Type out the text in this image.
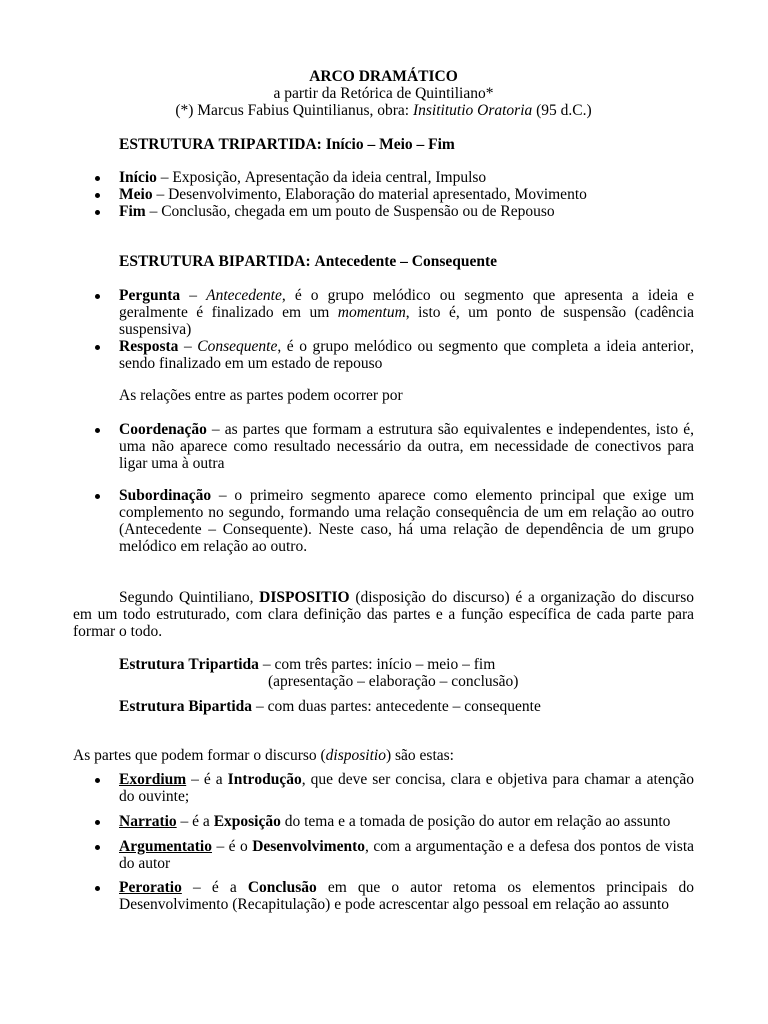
ARCO DRAMÁTICO
a partir da Retórica de Quintiliano*
(*) Marcus Fabius Quintilianus, obra: Insititutio Oratoria (95 d.C.)
ESTRUTURA TRIPARTIDA: Início – Meio – Fim
Início – Exposição, Apresentação da ideia central, Impulso
Meio – Desenvolvimento, Elaboração do material apresentado, Movimento
Fim – Conclusão, chegada em um pouto de Suspensão ou de Repouso
ESTRUTURA BIPARTIDA: Antecedente – Consequente
Pergunta – Antecedente, é o grupo melódico ou segmento que apresenta a ideia e geralmente é finalizado em um momentum, isto é, um ponto de suspensão (cadência suspensiva)
Resposta – Consequente, é o grupo melódico ou segmento que completa a ideia anterior, sendo finalizado em um estado de repouso
As relações entre as partes podem ocorrer por
Coordenação – as partes que formam a estrutura são equivalentes e independentes, isto é, uma não aparece como resultado necessário da outra, em necessidade de conectivos para ligar uma à outra
Subordinação – o primeiro segmento aparece como elemento principal que exige um complemento no segundo, formando uma relação consequência de um em relação ao outro (Antecedente – Consequente). Neste caso, há uma relação de dependência de um grupo melódico em relação ao outro.
Segundo Quintiliano, DISPOSITIO (disposição do discurso) é a organização do discurso em um todo estruturado, com clara definição das partes e a função específica de cada parte para formar o todo.
Estrutura Tripartida – com três partes: início – meio – fim
(apresentação – elaboração – conclusão)
Estrutura Bipartida – com duas partes: antecedente – consequente
As partes que podem formar o discurso (dispositio) são estas:
Exordium – é a Introdução, que deve ser concisa, clara e objetiva para chamar a atenção do ouvinte;
Narratio – é a Exposição do tema e a tomada de posição do autor em relação ao assunto
Argumentatio – é o Desenvolvimento, com a argumentação e a defesa dos pontos de vista do autor
Peroratio – é a Conclusão em que o autor retoma os elementos principais do Desenvolvimento (Recapitulação) e pode acrescentar algo pessoal em relação ao assunto
